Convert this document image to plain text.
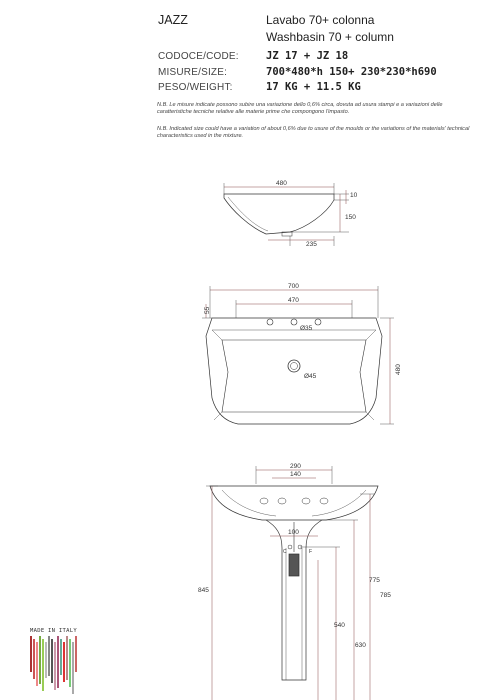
JAZZ	Lavabo 70+ colonna
Washbasin 70 + column
CODOCE/CODE:	JZ 17 + JZ 18
MISURE/SIZE:	700*480*h 150+ 230*230*h690
PESO/WEIGHT:	17 KG + 11.5 KG
N.B. Le misure indicate possono subire una variazione dello 0,6% circa, dovuta ad usura stampi e a variazioni delle caratteristiche tecniche relative alle materie prime che compongono l'impasto.
N.B. Indicated size could have a variation of about 0,6% due to usure of the moulds or the variations of the materials' technical characteristics used in the mixture.
480
10
150
235
700
470
55
Ø35
Ø45
480
290
140
100
845
775
785
540
630
C	F
MADE IN ITALY
